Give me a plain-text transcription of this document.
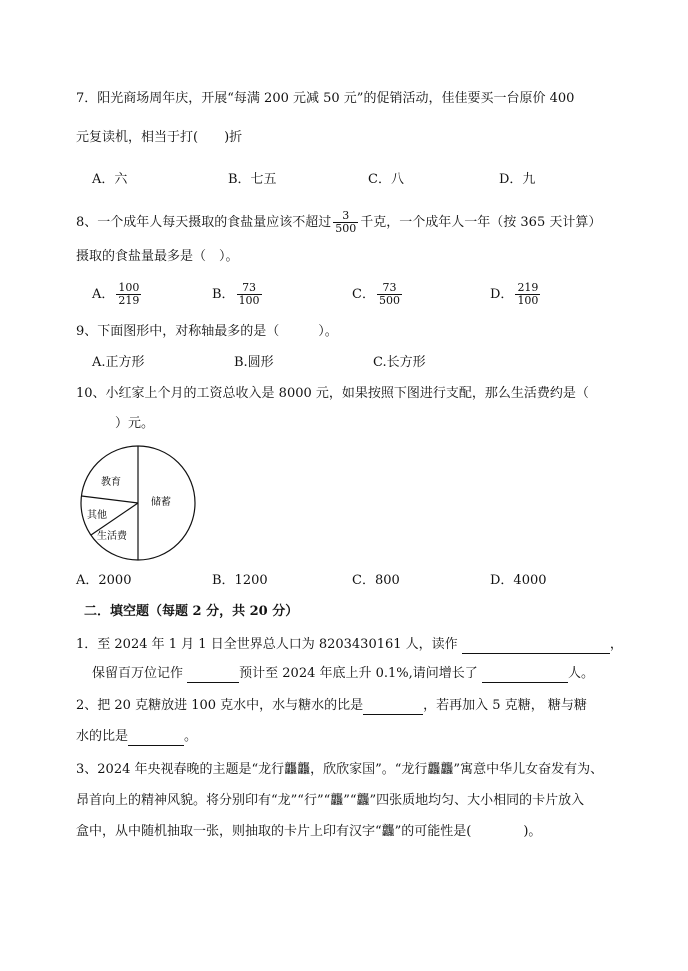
7．阳光商场周年庆，开展“每满 200 元减 50 元”的促销活动，佳佳要买一台原价 400
元复读机，相当于打(　　)折
A．六	B．七五	C．八	D．九
8、一个成年人每天摄取的食盐量应该不超过 $\frac{3}{500}$ 千克，一个成年人一年（按 365 天计算）
摄取的食盐量最多是（　）。
A． $\frac{100}{219}$	B． $\frac{73}{100}$	C． $\frac{73}{500}$	D． $\frac{219}{100}$
9、下面图形中，对称轴最多的是（　　　）。
A.正方形	B.圆形	C.长方形
10、小红家上个月的工资总收入是 8000 元，如果按照下图进行支配，那么生活费约是（
　　　）元。
教育
储蓄
其他
生活费
A．2000	B．1200	C．800	D．4000
二．填空题（每题 2 分，共 20 分）
1．至 2024 年 1 月 1 日全世界总人口为 8203430161 人，读作	，
保留百万位记作	预计至 2024 年底上升 0.1%,请问增长了	人。
2、把 20 克糖放进 100 克水中，水与糖水的比是	，若再加入 5 克糖， 糖与糖
水的比是	。
3、2024 年央视春晚的主题是“龙行龘龘，欣欣家国”。“龙行龘龘”寓意中华儿女奋发有为、
昂首向上的精神风貌。将分别印有“龙”“行”“龘”“龘”四张质地均匀、大小相同的卡片放入
盒中，从中随机抽取一张，则抽取的卡片上印有汉字“龘”的可能性是(　　　　)。
